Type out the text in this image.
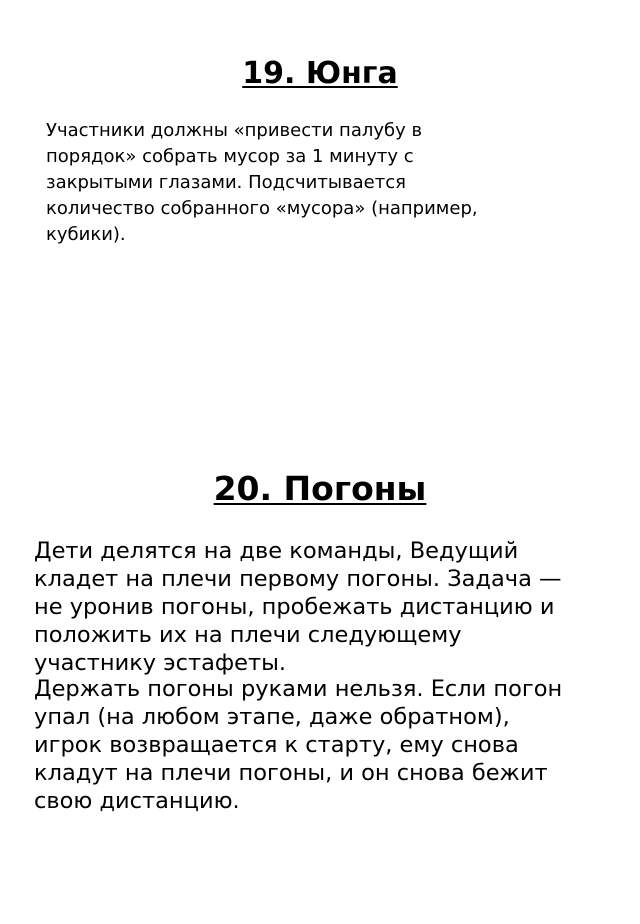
19. Юнга

Участники должны «привести палубу в
порядок» собрать мусор за 1 минуту с
закрытыми глазами. Подсчитывается
количество собранного «мусора» (например,
кубики).

20. Погоны

Дети делятся на две команды, Ведущий
кладет на плечи первому погоны. Задача —
не уронив погоны, пробежать дистанцию и
положить их на плечи следующему
участнику эстафеты.

Держать погоны руками нельзя. Если погон
упал (на любом этапе, даже обратном),
игрок возвращается к старту, ему снова
кладут на плечи погоны, и он снова бежит
свою дистанцию.
